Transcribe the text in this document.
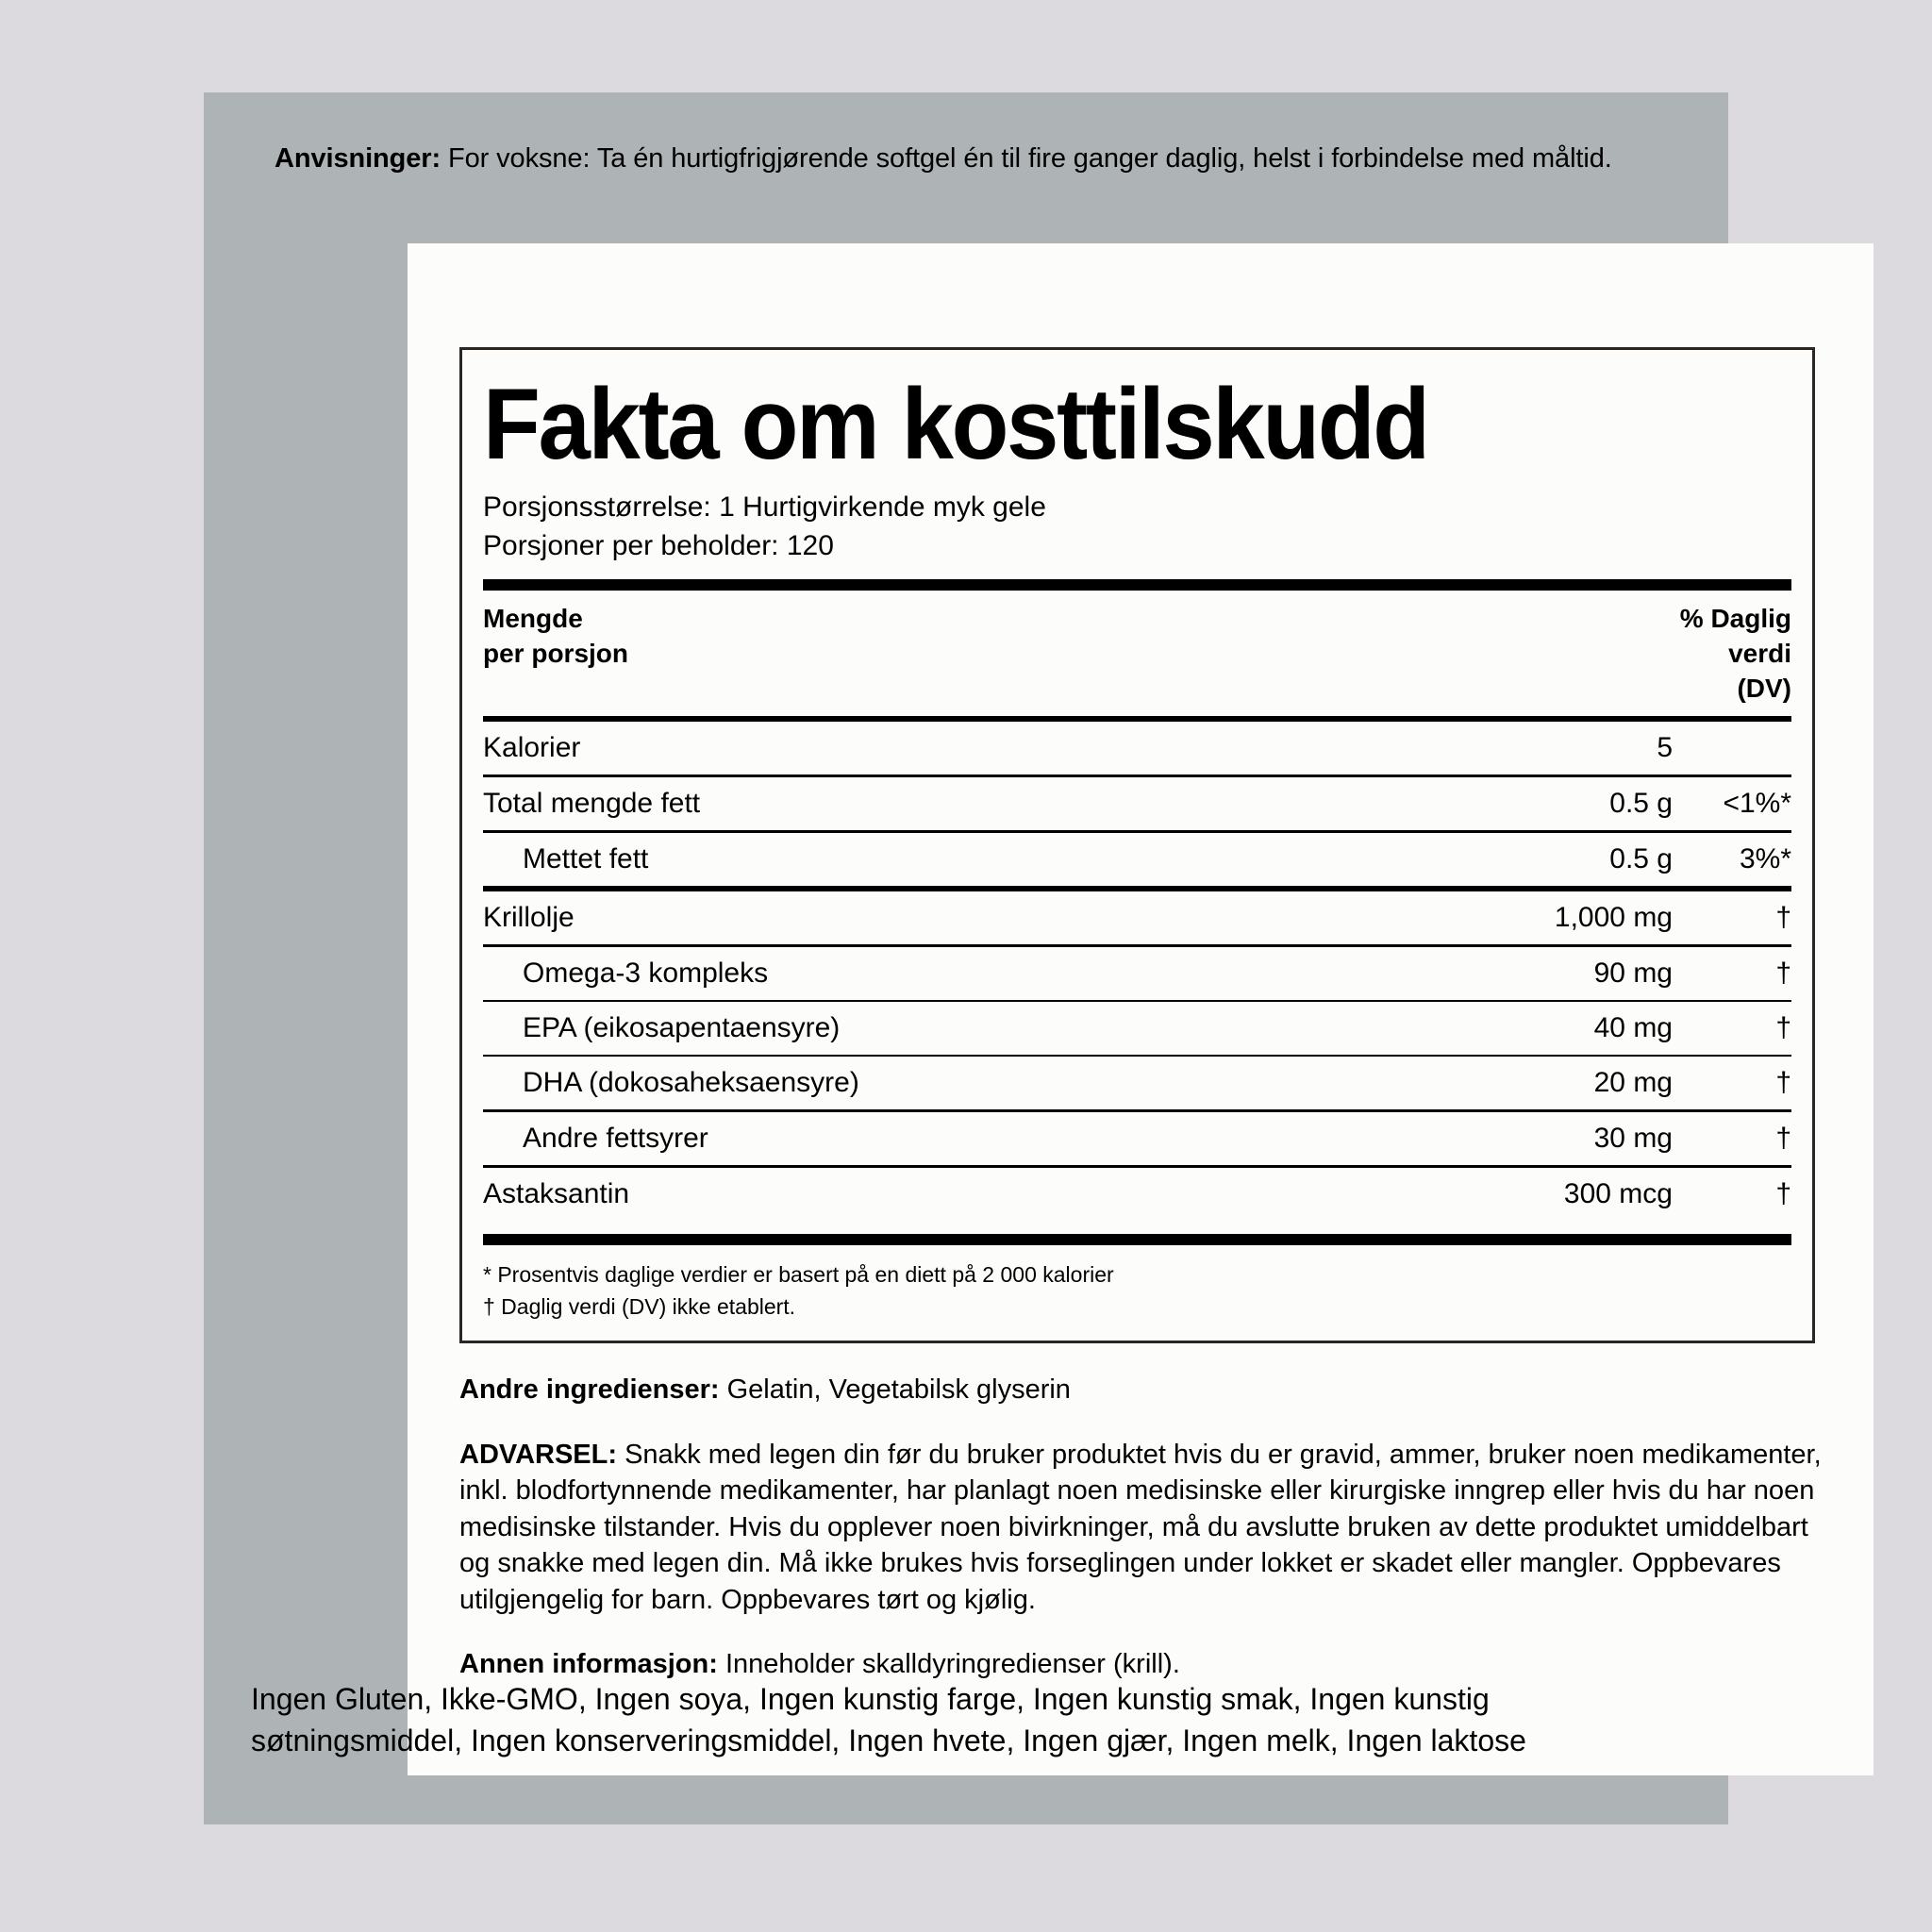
Anvisninger: For voksne: Ta én hurtigfrigjørende softgel én til fire ganger daglig, helst i forbindelse med måltid.
Fakta om kosttilskudd
Porsjonsstørrelse: 1 Hurtigvirkende myk gele
Porsjoner per beholder: 120
Mengde
per porsjon
% Daglig
verdi
(DV)
Kalorier	5
Total mengde fett	0.5 g	<1%*
Mettet fett	0.5 g	3%*
Krillolje	1,000 mg	†
Omega-3 kompleks	90 mg	†
EPA (eikosapentaensyre)	40 mg	†
DHA (dokosaheksaensyre)	20 mg	†
Andre fettsyrer	30 mg	†
Astaksantin	300 mcg	†
* Prosentvis daglige verdier er basert på en diett på 2 000 kalorier
† Daglig verdi (DV) ikke etablert.
Andre ingredienser: Gelatin, Vegetabilsk glyserin
ADVARSEL: Snakk med legen din før du bruker produktet hvis du er gravid, ammer, bruker noen medikamenter, inkl. blodfortynnende medikamenter, har planlagt noen medisinske eller kirurgiske inngrep eller hvis du har noen medisinske tilstander. Hvis du opplever noen bivirkninger, må du avslutte bruken av dette produktet umiddelbart og snakke med legen din. Må ikke brukes hvis forseglingen under lokket er skadet eller mangler. Oppbevares utilgjengelig for barn. Oppbevares tørt og kjølig.
Annen informasjon: Inneholder skalldyringredienser (krill).
Ingen Gluten, Ikke-GMO, Ingen soya, Ingen kunstig farge, Ingen kunstig smak, Ingen kunstig søtningsmiddel, Ingen konserveringsmiddel, Ingen hvete, Ingen gjær, Ingen melk, Ingen laktose
